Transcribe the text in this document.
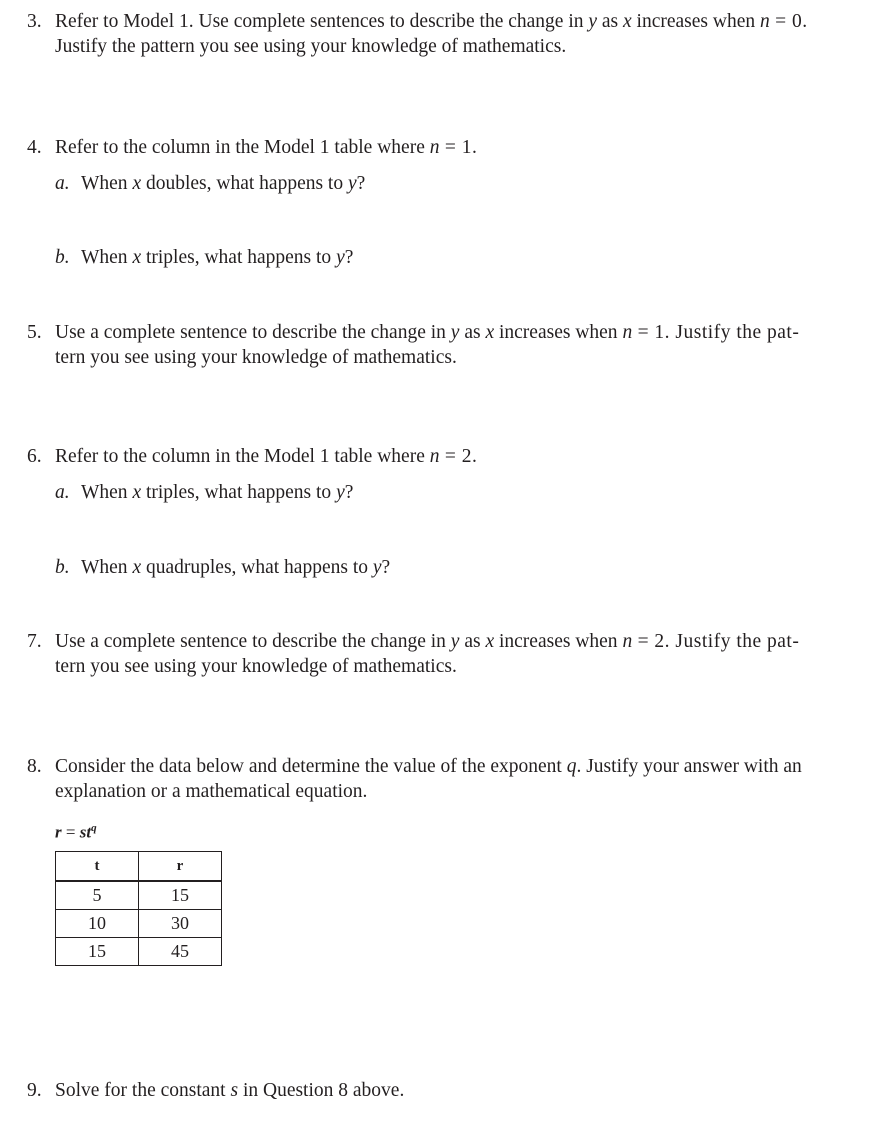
3. Refer to Model 1. Use complete sentences to describe the change in y as x increases when n = 0.
Justify the pattern you see using your knowledge of mathematics.
4. Refer to the column in the Model 1 table where n = 1.
a. When x doubles, what happens to y?
b. When x triples, what happens to y?
5. Use a complete sentence to describe the change in y as x increases when n = 1. Justify the pat-
tern you see using your knowledge of mathematics.
6. Refer to the column in the Model 1 table where n = 2.
a. When x triples, what happens to y?
b. When x quadruples, what happens to y?
7. Use a complete sentence to describe the change in y as x increases when n = 2. Justify the pat-
tern you see using your knowledge of mathematics.
8. Consider the data below and determine the value of the exponent q. Justify your answer with an
explanation or a mathematical equation.
$r = st^q$
t	r
5	15
10	30
15	45
9. Solve for the constant s in Question 8 above.
